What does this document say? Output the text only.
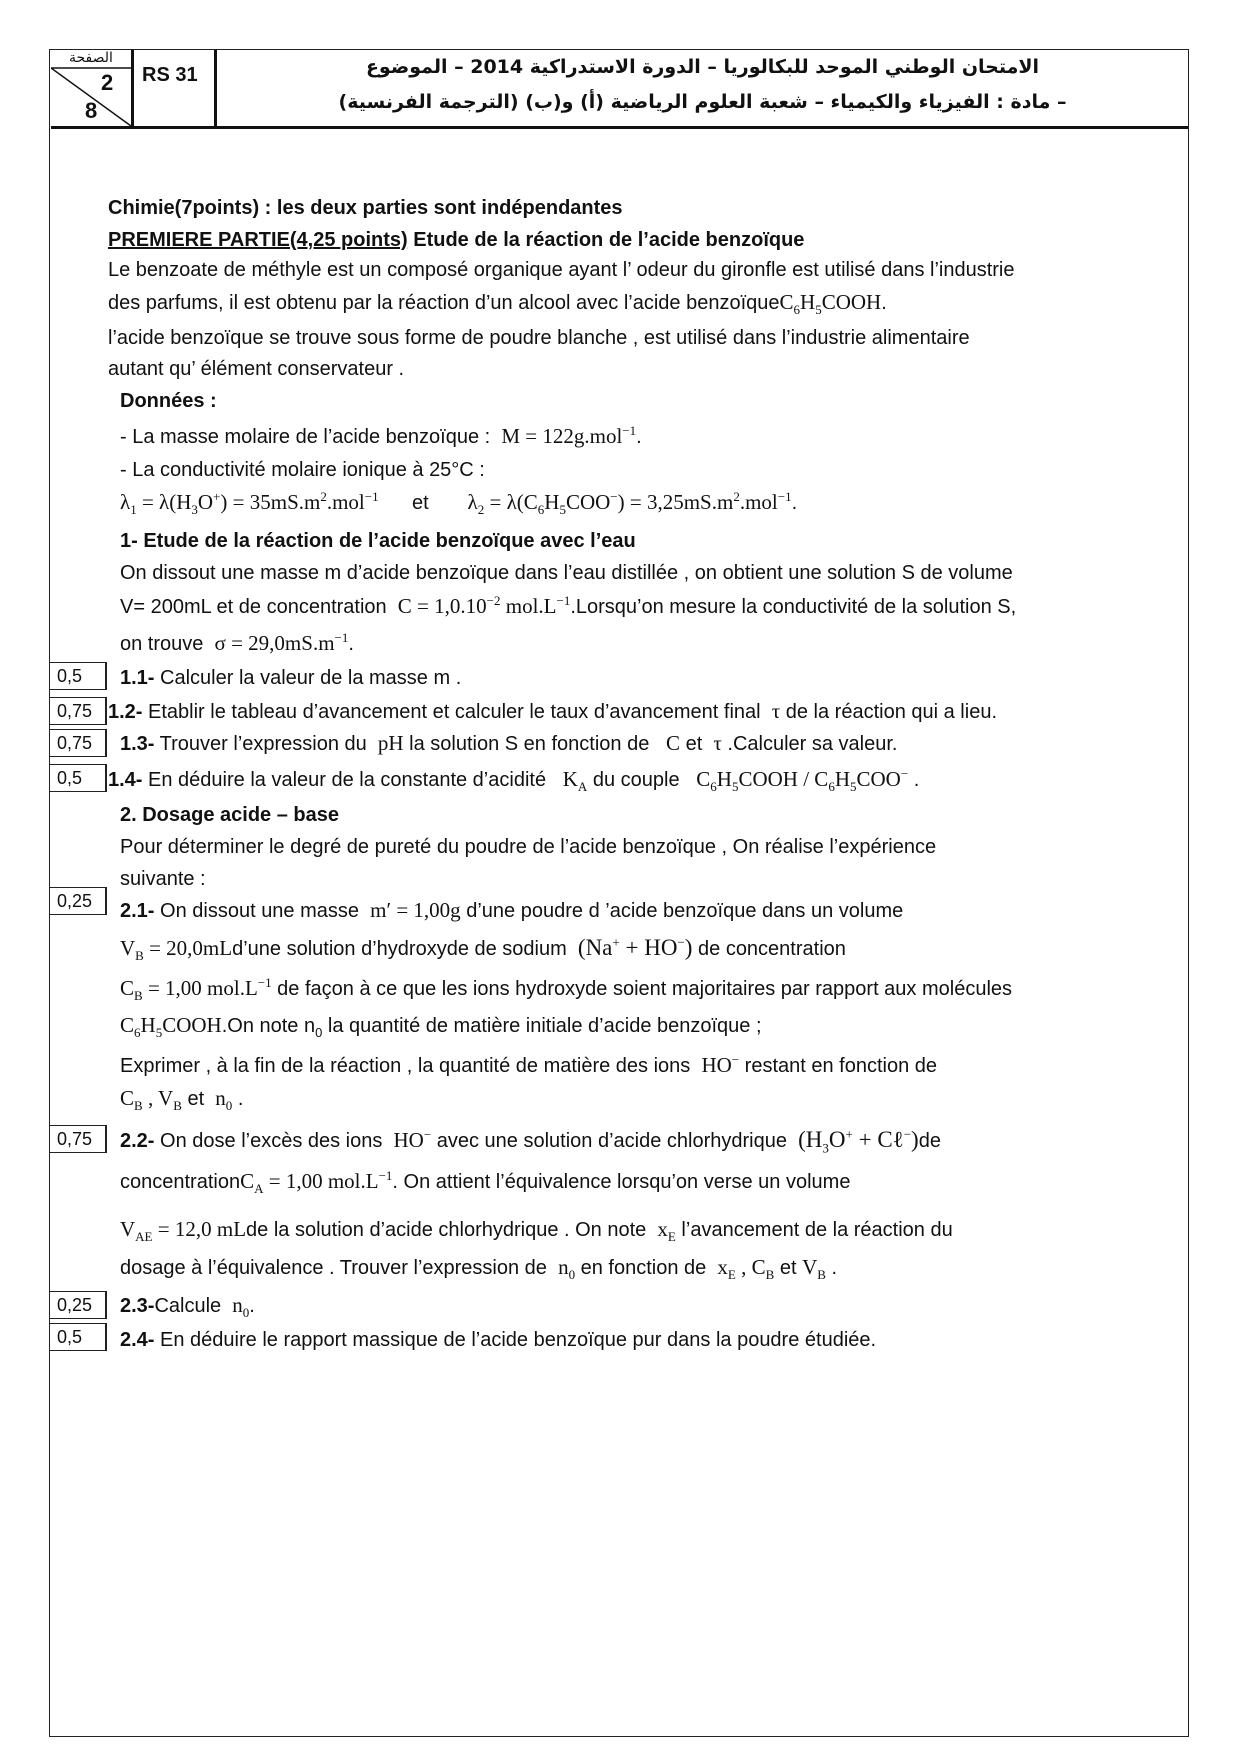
الصفحة
2
8
RS 31	الامتحان الوطني الموحد للبكالوريا – الدورة الاستدراكية 2014 – الموضوع
– مادة : الفيزياء والكيمياء – شعبة العلوم الرياضية (أ) و(ب) (الترجمة الفرنسية)
0,5
0,75
0,75
0,5
0,25
0,75
0,25
0,5
Chimie(7points) : les deux parties sont indépendantes
PREMIERE PARTIE(4,25 points) Etude de la réaction de l’acide benzoïque
Le benzoate de méthyle est un composé organique ayant l’ odeur du gironfle est utilisé dans l’industrie
des parfums, il est obtenu par la réaction d’un alcool avec l’acide $benzoïqueC_6H_5COOH$.
l’acide benzoïque se trouve sous forme de poudre blanche , est utilisé dans l’industrie alimentaire
autant qu’ élément conservateur .
Données :
- La masse molaire de l’acide benzoïque : M = 122g.mol$^{-1}$.
- La conductivité molaire ionique à 25°C :
$\lambda_1 = \lambda(H_3O^+) = 35mS.m^2.mol^{-1}$ et $\lambda_2 = \lambda(C_6H_5COO^-) = 3,25mS.m^2.mol^{-1}$.
1- Etude de la réaction de l’acide benzoïque avec l’eau
On dissout une masse m d’acide benzoïque dans l’eau distillée , on obtient une solution S de volume
V= 200mL et de concentration $C = 1,0.10^{-2}$ $mol.L^{-1}.Lorsqu’on$ mesure la conductivité de la solution S,
on trouve $\sigma = 29,0mS.m^{-1}$.
1.1- Calculer la valeur de la masse m .
1.2- Etablir le tableau d’avancement et calculer le taux d’avancement final τ de la réaction qui a lieu.
1.3- Trouver l’expression du pH la solution S en fonction de C et τ .Calculer sa valeur.
1.4- En déduire la valeur de la constante d’acidité $K_A$ du couple $C_6H_5COOH / C_6H_5COO^-$ .
2. Dosage acide – base
Pour déterminer le degré de pureté du poudre de l’acide benzoïque , On réalise l’expérience
suivante :
2.1- On dissout une masse m′ = 1,00g d’une poudre d ’acide benzoïque dans un volume
$V_B$ = 20,0mLd’une solution d’hydroxyde de sodium (Na+ + HO−) de concentration
$C_B = 1,00$ $mol.L^{-1}$ de façon à ce que les ions hydroxyde soient majoritaires par rapport aux molécules
$C_6H_5COOH.On$ note $n_0$ la quantité de matière initiale d’acide benzoïque ;
Exprimer , à la fin de la réaction , la quantité de matière des ions HO− restant en fonction de
$C_B$ , $V_B$ et $n_0$ .
2.2- On dose l’excès des ions HO− avec une solution d’acide chlorhydrique ($H_3O^+$ + Cℓ−)de
concentrationC$_A$ = 1,00 $mol.L^{-1}$. On attient l’équivalence lorsqu’on verse un volume
$V_{AE} = 12,0$ mLde la solution d’acide chlorhydrique . On note $x_E$ l’avancement de la réaction du
dosage à l’équivalence . Trouver l’expression de $n_0$ en fonction de $x_E$ , $C_B$ et $V_B$ .
2.3-Calcule $n_0$.
2.4- En déduire le rapport massique de l’acide benzoïque pur dans la poudre étudiée.
